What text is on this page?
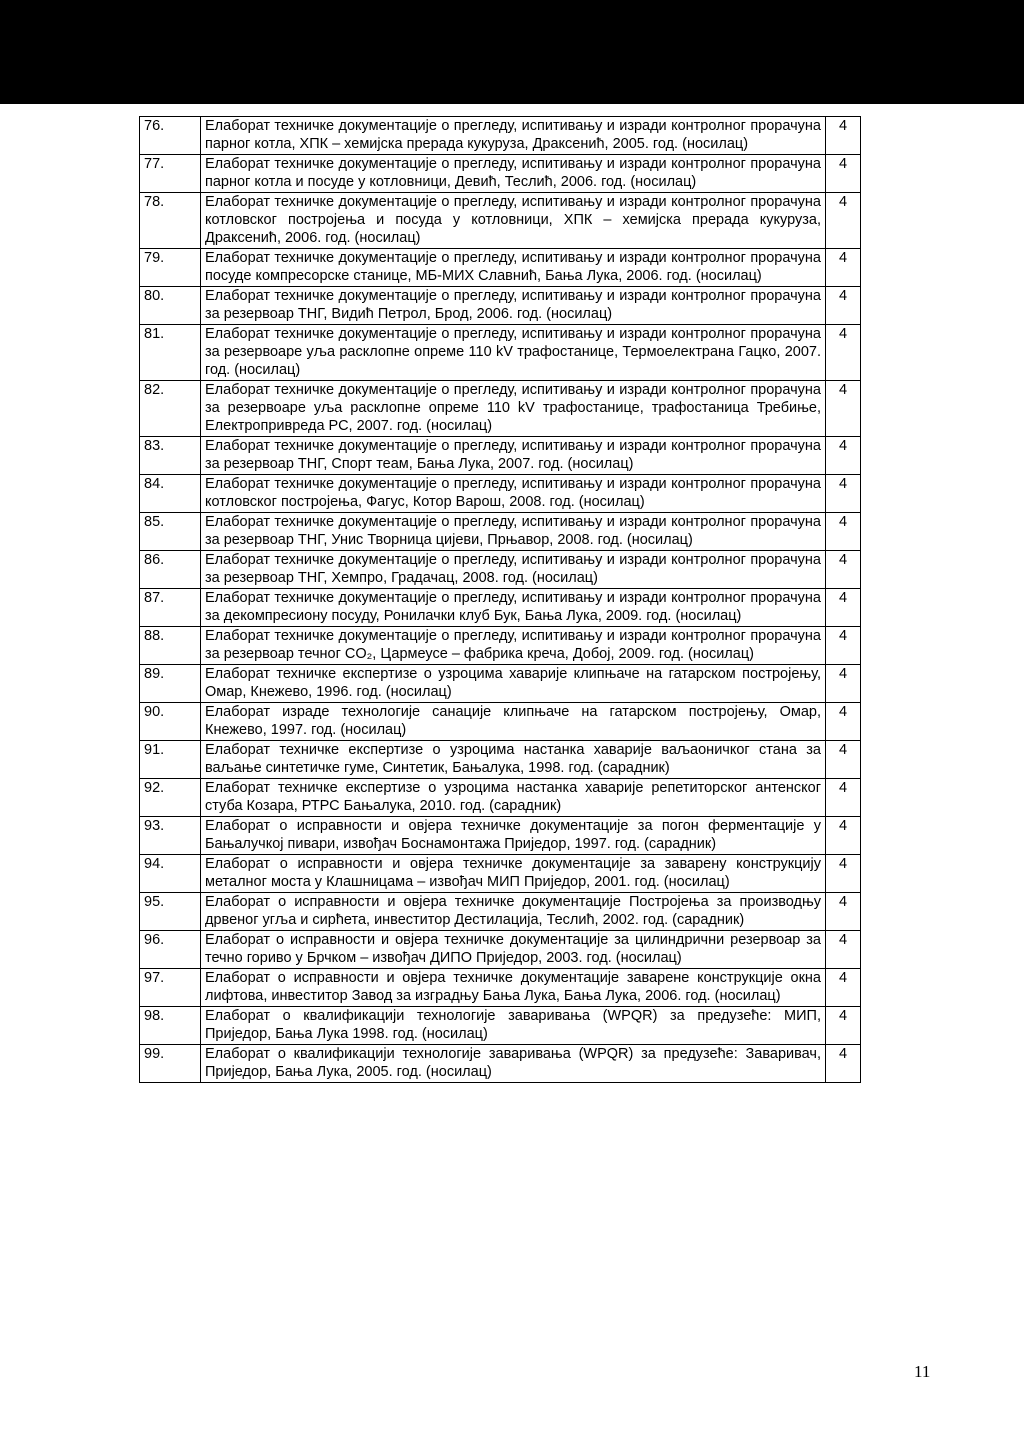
76.	Елаборат техничке документације о прегледу, испитивању и изради контролног прорачуна парног котла, ХПК – хемијска прерада кукуруза, Драксенић, 2005. год. (носилац)	4
77.	Елаборат техничке документације о прегледу, испитивању и изради контролног прорачуна парног котла и посуде у котловници, Девић, Теслић, 2006. год. (носилац)	4
78.	Елаборат техничке документације о прегледу, испитивању и изради контролног прорачуна котловског постројења и посуда у котловници, ХПК – хемијска прерада кукуруза, Драксенић, 2006. год. (носилац)	4
79.	Елаборат техничке документације о прегледу, испитивању и изради контролног прорачуна посуде компресорске станице, МБ-МИХ Славнић, Бања Лука, 2006. год. (носилац)	4
80.	Елаборат техничке документације о прегледу, испитивању и изради контролног прорачуна за резервоар ТНГ, Видић Петрол, Брод, 2006. год. (носилац)	4
81.	Елаборат техничке документације о прегледу, испитивању и изради контролног прорачуна за резервоаре уља расклопне опреме 110 kV трафостанице, Термоелектрана Гацко, 2007. год. (носилац)	4
82.	Елаборат техничке документације о прегледу, испитивању и изради контролног прорачуна за резервоаре уља расклопне опреме 110 kV трафостанице, трафостаница Требиње, Електропривреда РС, 2007. год. (носилац)	4
83.	Елаборат техничке документације о прегледу, испитивању и изради контролног прорачуна за резервоар ТНГ, Спорт теам, Бања Лука, 2007. год. (носилац)	4
84.	Елаборат техничке документације о прегледу, испитивању и изради контролног прорачуна котловског постројења, Фагус, Котор Варош, 2008. год. (носилац)	4
85.	Елаборат техничке документације о прегледу, испитивању и изради контролног прорачуна за резервоар ТНГ, Унис Творница цијеви, Прњавор, 2008. год. (носилац)	4
86.	Елаборат техничке документације о прегледу, испитивању и изради контролног прорачуна за резервоар ТНГ, Хемпро, Градачац, 2008. год. (носилац)	4
87.	Елаборат техничке документације о прегледу, испитивању и изради контролног прорачуна за декомпресиону посуду, Ронилачки клуб Бук, Бања Лука, 2009. год. (носилац)	4
88.	Елаборат техничке документације о прегледу, испитивању и изради контролног прорачуна за резервоар течног CO₂, Цармеусе – фабрика креча, Добој, 2009. год. (носилац)	4
89.	Елаборат техничке експертизе о узроцима хаварије клипњаче на гатарском постројењу, Омар, Кнежево, 1996. год. (носилац)	4
90.	Елаборат израде технологије санације клипњаче на гатарском постројењу, Омар, Кнежево, 1997. год. (носилац)	4
91.	Елаборат техничке експертизе о узроцима настанка хаварије ваљаоничког стана за ваљање синтетичке гуме, Синтетик, Бањалука, 1998. год. (сарадник)	4
92.	Елаборат техничке експертизе о узроцима настанка хаварије репетиторског антенског стуба Козара, РТРС Бањалука, 2010. год. (сарадник)	4
93.	Елаборат о исправности и овјера техничке документације за погон ферментације у Бањалучкој пивари, извођач Боснамонтажа Приједор, 1997. год. (сарадник)	4
94.	Елаборат о исправности и овјера техничке документације за заварену конструкцију металног моста у Клашницама – извођач МИП Приједор, 2001. год. (носилац)	4
95.	Елаборат о исправности и овјера техничке документације Постројења за производњу дрвеног угља и сирћета, инвеститор Дестилација, Теслић, 2002. год. (сарадник)	4
96.	Елаборат о исправности и овјера техничке документације за цилиндрични резервоар за течно гориво у Брчком – извођач ДИПО Приједор, 2003. год. (носилац)	4
97.	Елаборат о исправности и овјера техничке документације заварене конструкције окна лифтова, инвеститор Завод за изградњу Бања Лука, Бања Лука, 2006. год. (носилац)	4
98.	Елаборат о квалификацији технологије заваривања (WPQR) за предузеће: МИП, Приједор, Бања Лука 1998. год. (носилац)	4
99.	Елаборат о квалификацији технологије заваривања (WPQR) за предузеће: Заваривач, Приједор, Бања Лука, 2005. год. (носилац)	4
11
